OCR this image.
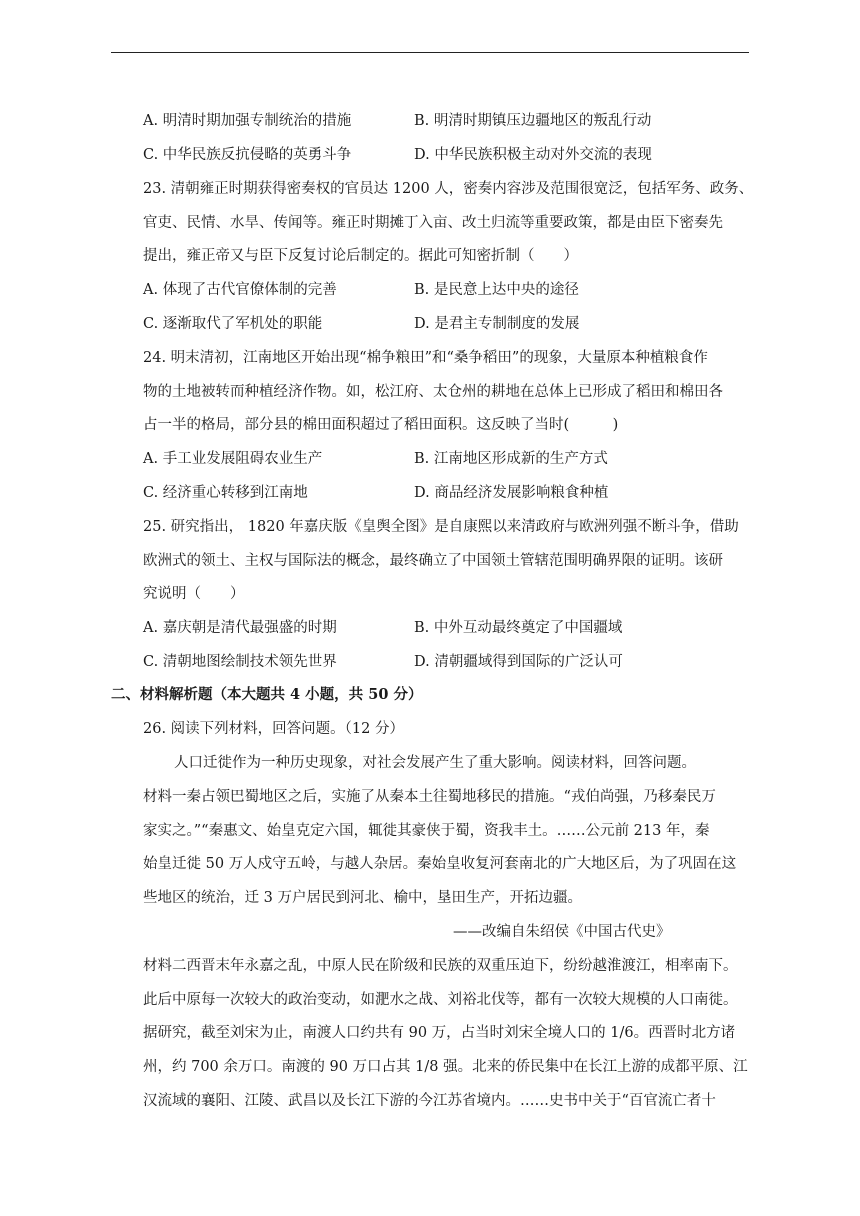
A. 明清时期加强专制统治的措施	B. 明清时期镇压边疆地区的叛乱行动
C. 中华民族反抗侵略的英勇斗争	D. 中华民族积极主动对外交流的表现
23. 清朝雍正时期获得密奏权的官员达 1200 人，密奏内容涉及范围很宽泛，包括军务、政务、
官吏、民情、水旱、传闻等。雍正时期摊丁入亩、改土归流等重要政策，都是由臣下密奏先
提出，雍正帝又与臣下反复讨论后制定的。据此可知密折制（　　）
A. 体现了古代官僚体制的完善	B. 是民意上达中央的途径
C. 逐渐取代了军机处的职能	D. 是君主专制制度的发展
24. 明末清初，江南地区开始出现“棉争粮田”和“桑争稻田”的现象，大量原本种植粮食作
物的土地被转而种植经济作物。如，松江府、太仓州的耕地在总体上已形成了稻田和棉田各
占一半的格局，部分县的棉田面积超过了稻田面积。这反映了当时(　　　)
A. 手工业发展阻碍农业生产	B. 江南地区形成新的生产方式
C. 经济重心转移到江南地	D. 商品经济发展影响粮食种植
25. 研究指出， 1820 年嘉庆版《皇舆全图》是自康熙以来清政府与欧洲列强不断斗争，借助
欧洲式的领土、主权与国际法的概念，最终确立了中国领土管辖范围明确界限的证明。该研
究说明（　　）
A. 嘉庆朝是清代最强盛的时期	B. 中外互动最终奠定了中国疆域
C. 清朝地图绘制技术领先世界	D. 清朝疆域得到国际的广泛认可
二、材料解析题（本大题共 4 小题，共 50 分）
26. 阅读下列材料，回答问题。（12 分）
人口迁徙作为一种历史现象，对社会发展产生了重大影响。阅读材料，回答问题。
材料一秦占领巴蜀地区之后，实施了从秦本土往蜀地移民的措施。“戎伯尚强，乃移秦民万
家实之。”“秦惠文、始皇克定六国，辄徙其豪侠于蜀，资我丰土。……公元前 213 年，秦
始皇迁徙 50 万人戍守五岭，与越人杂居。秦始皇收复河套南北的广大地区后，为了巩固在这
些地区的统治，迁 3 万户居民到河北、榆中，垦田生产，开拓边疆。
——改编自朱绍侯《中国古代史》
材料二西晋末年永嘉之乱，中原人民在阶级和民族的双重压迫下，纷纷越淮渡江，相率南下。
此后中原每一次较大的政治变动，如淝水之战、刘裕北伐等，都有一次较大规模的人口南徙。
据研究，截至刘宋为止，南渡人口约共有 90 万，占当时刘宋全境人口的 1/6。西晋时北方诸
州，约 700 余万口。南渡的 90 万口占其 1/8 强。北来的侨民集中在长江上游的成都平原、江
汉流域的襄阳、江陵、武昌以及长江下游的今江苏省境内。……史书中关于“百官流亡者十
